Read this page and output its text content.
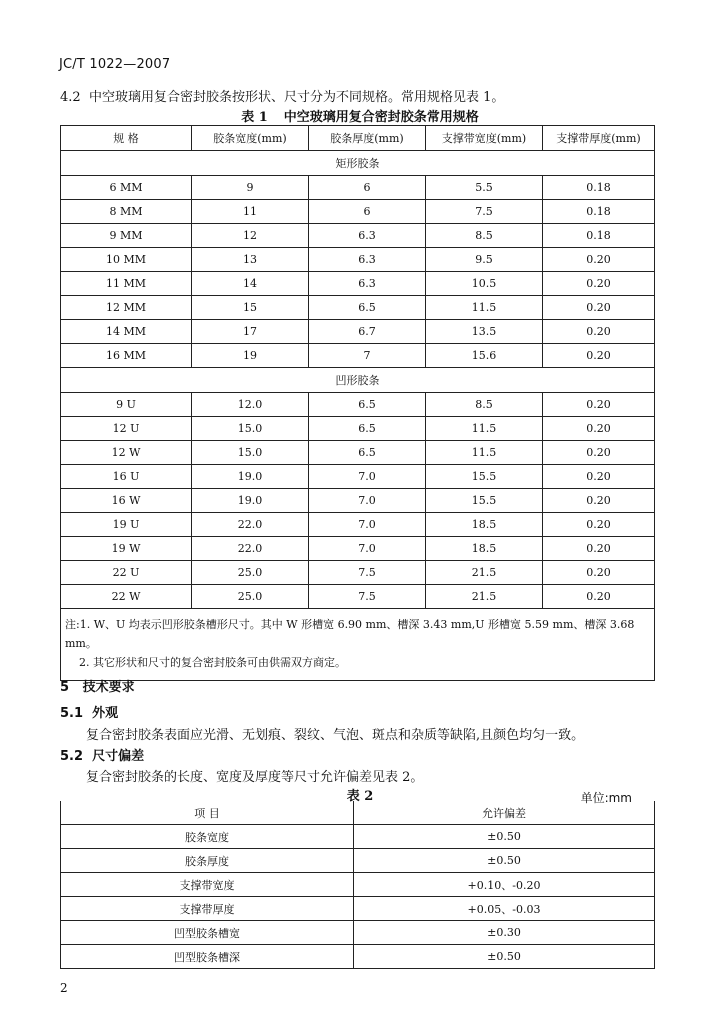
JC/T 1022—2007
4.2 中空玻璃用复合密封胶条按形状、尺寸分为不同规格。常用规格见表 1。
表 1 中空玻璃用复合密封胶条常用规格
规 格	胶条宽度(mm)	胶条厚度(mm)	支撑带宽度(mm)	支撑带厚度(mm)
矩形胶条				
6 MM	9	6	5.5	0.18
8 MM	11	6	7.5	0.18
9 MM	12	6.3	8.5	0.18
10 MM	13	6.3	9.5	0.20
11 MM	14	6.3	10.5	0.20
12 MM	15	6.5	11.5	0.20
14 MM	17	6.7	13.5	0.20
16 MM	19	7	15.6	0.20
凹形胶条				
9 U	12.0	6.5	8.5	0.20
12 U	15.0	6.5	11.5	0.20
12 W	15.0	6.5	11.5	0.20
16 U	19.0	7.0	15.5	0.20
16 W	19.0	7.0	15.5	0.20
19 U	22.0	7.0	18.5	0.20
19 W	22.0	7.0	18.5	0.20
22 U	25.0	7.5	21.5	0.20
22 W	25.0	7.5	21.5	0.20

注:1. W、U 均表示凹形胶条槽形尺寸。其中 W 形槽宽 6.90 mm、槽深 3.43 mm,U 形槽宽 5.59 mm、槽深 3.68 mm。
2. 其它形状和尺寸的复合密封胶条可由供需双方商定。				
5 技术要求
5.1 外观
复合密封胶条表面应光滑、无划痕、裂纹、气泡、斑点和杂质等缺陷,且颜色均匀一致。
5.2 尺寸偏差
复合密封胶条的长度、宽度及厚度等尺寸允许偏差见表 2。
表 2	单位:mm
项 目	允许偏差
胶条宽度	±0.50
胶条厚度	±0.50
支撑带宽度	+0.10、-0.20
支撑带厚度	+0.05、-0.03
凹型胶条槽宽	±0.30
凹型胶条槽深	±0.50
2
